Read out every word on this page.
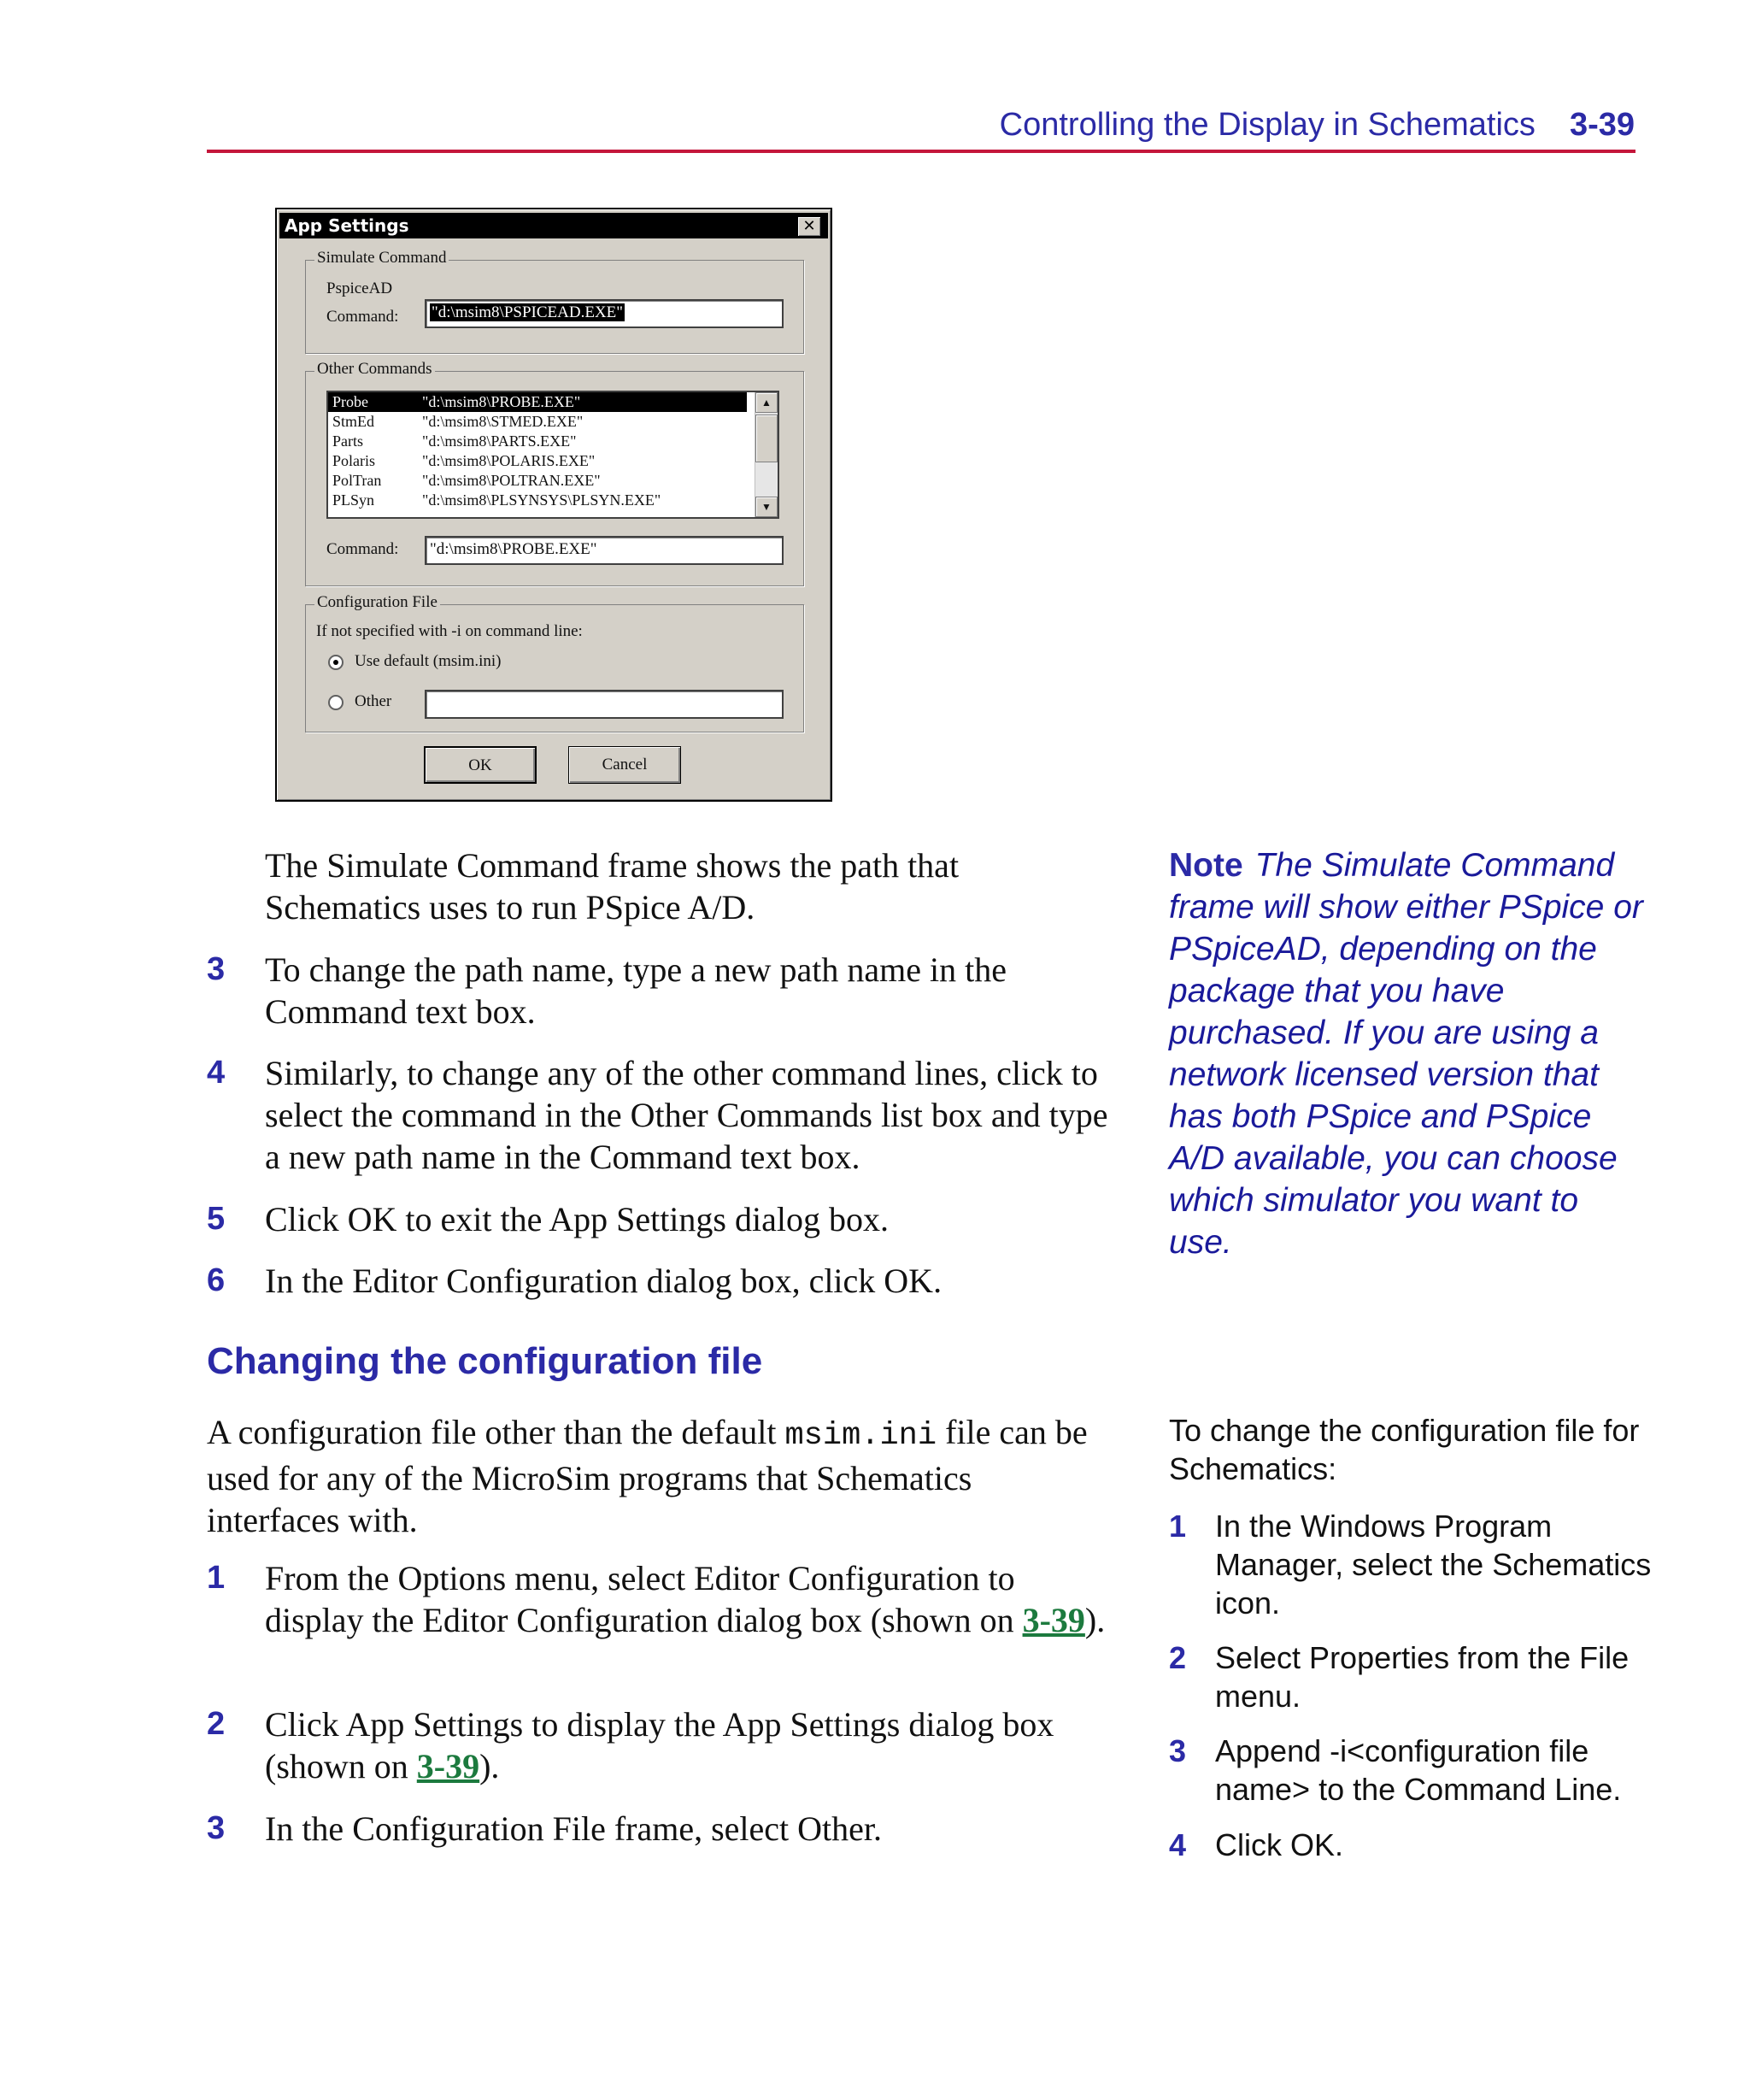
Controlling the Display in Schematics 3-39
App Settings	✕
Simulate Command
PspiceAD
Command:	"d:\msim8\PSPICEAD.EXE"
Other Commands
Probe	"d:\msim8\PROBE.EXE"
StmEd	"d:\msim8\STMED.EXE"
Parts	"d:\msim8\PARTS.EXE"
Polaris	"d:\msim8\POLARIS.EXE"
PolTran	"d:\msim8\POLTRAN.EXE"
PLSyn	"d:\msim8\PLSYNSYS\PLSYN.EXE"
▲
▼
Command:	"d:\msim8\PROBE.EXE"
Configuration File
If not specified with -i on command line:
Use default (msim.ini)
Other
OK	Cancel
The Simulate Command frame shows the path that Schematics uses to run PSpice A/D.
3 To change the path name, type a new path name in the Command text box.
4 Similarly, to change any of the other command lines, click to select the command in the Other Commands list box and type a new path name in the Command text box.
5 Click OK to exit the App Settings dialog box.
6 In the Editor Configuration dialog box, click OK.
Changing the configuration file
A configuration file other than the default msim.ini file can be used for any of the MicroSim programs that Schematics interfaces with.
1 From the Options menu, select Editor Configuration to display the Editor Configuration dialog box (shown on 3-39).
2 Click App Settings to display the App Settings dialog box (shown on 3-39).
3 In the Configuration File frame, select Other.
Note The Simulate Command frame will show either PSpice or PSpiceAD, depending on the package that you have purchased. If you are using a network licensed version that has both PSpice and PSpice A/D available, you can choose which simulator you want to use.
To change the configuration file for Schematics:
1 In the Windows Program Manager, select the Schematics icon.
2 Select Properties from the File menu.
3 Append -i<configuration file name> to the Command Line.
4 Click OK.
